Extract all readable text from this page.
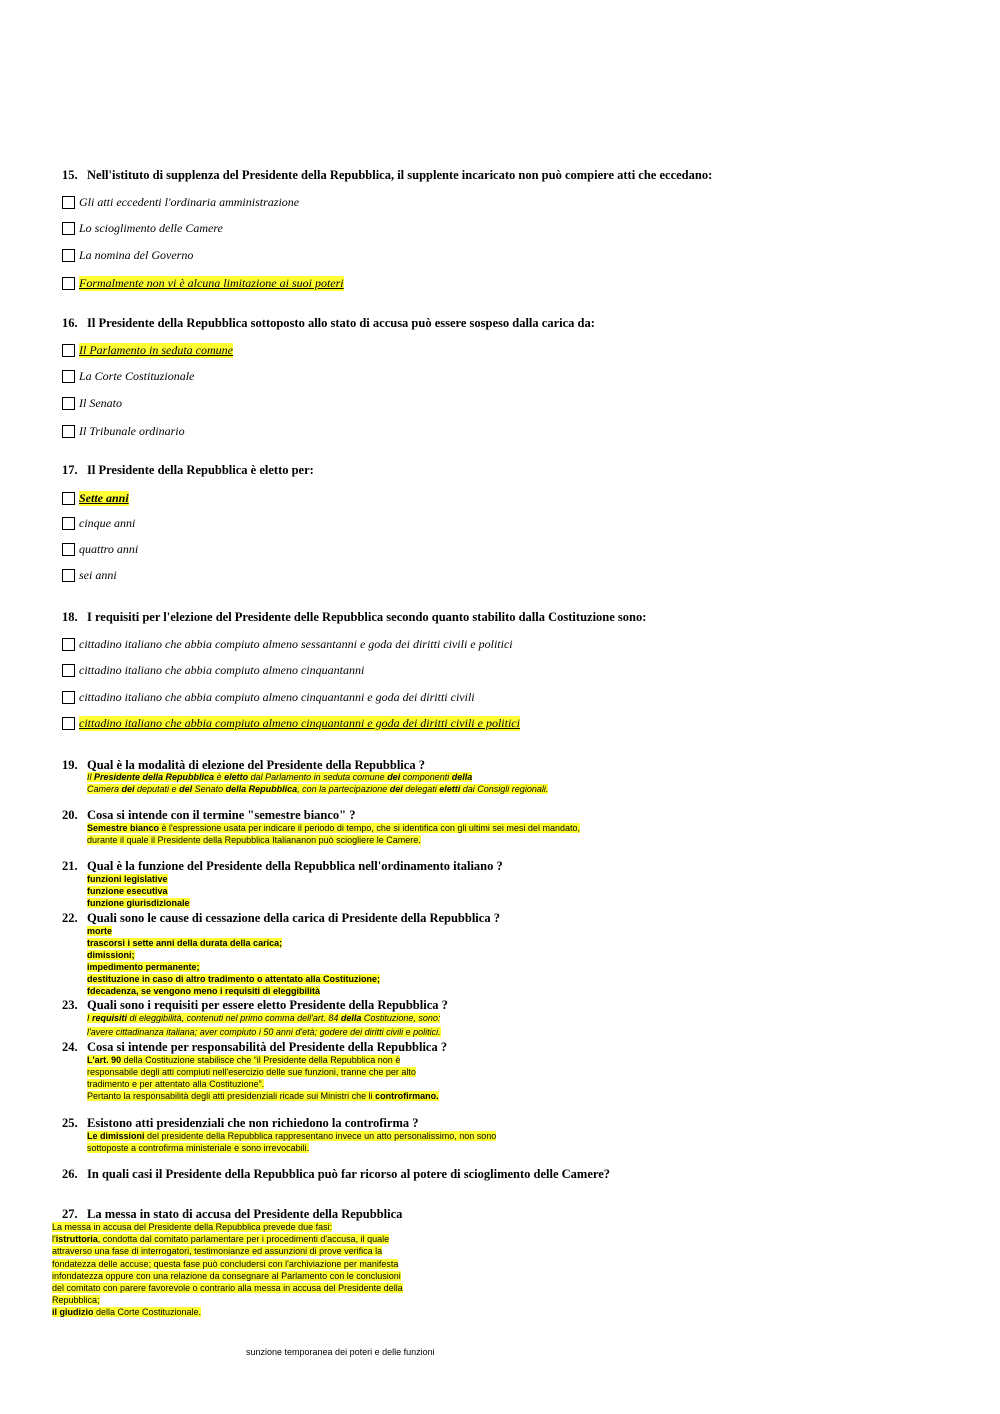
15. Nell'istituto di supplenza del Presidente della Repubblica, il supplente incaricato non può compiere atti che eccedano:
Gli atti eccedenti l'ordinaria amministrazione
Lo scioglimento delle Camere
La nomina del Governo
Formalmente non vi è alcuna limitazione ai suoi poteri
16. Il Presidente della Repubblica sottoposto allo stato di accusa può essere sospeso dalla carica da:
Il Parlamento in seduta comune
La Corte Costituzionale
Il Senato
Il Tribunale ordinario
17. Il Presidente della Repubblica è eletto per:
Sette anni
cinque anni
quattro anni
sei anni
18. I requisiti per l'elezione del Presidente delle Repubblica secondo quanto stabilito dalla Costituzione sono:
cittadino italiano che abbia compiuto almeno sessantanni e goda dei diritti civili e politici
cittadino italiano che abbia compiuto almeno cinquantanni
cittadino italiano che abbia compiuto almeno cinquantanni e goda dei diritti civili
cittadino italiano che abbia compiuto almeno cinquantanni e goda dei diritti civili e politici
19. Qual è la modalità di elezione del Presidente della Repubblica ?
Il Presidente della Repubblica è eletto dal Parlamento in seduta comune dei componenti della
Camera dei deputati e del Senato della Repubblica, con la partecipazione dei delegati eletti dai Consigli regionali.
20. Cosa si intende con il termine "semestre bianco" ?
Semestre bianco è l'espressione usata per indicare il periodo di tempo, che si identifica con gli ultimi sei mesi del mandato,
durante il quale il Presidente della Repubblica Italiananon può sciogliere le Camere.
21. Qual è la funzione del Presidente della Repubblica nell'ordinamento italiano ?
funzioni legislative
funzione esecutiva
funzione giurisdizionale
22. Quali sono le cause di cessazione della carica di Presidente della Repubblica ?
morte
trascorsi i sette anni della durata della carica;
dimissioni;
impedimento permanente;
destituzione in caso di altro tradimento o attentato alla Costituzione;
fdecadenza, se vengono meno i requisiti di eleggibilità
23. Quali sono i requisiti per essere eletto Presidente della Repubblica ?
I requisiti di eleggibilità, contenuti nel primo comma dell'art. 84 della Costituzione, sono:
l'avere cittadinanza italiana; aver compiuto i 50 anni d'età; godere dei diritti civili e politici.
24. Cosa si intende per responsabilità del Presidente della Repubblica ?
L'art. 90 della Costituzione stabilisce che “il Presidente della Repubblica non è
responsabile degli atti compiuti nell'esercizio delle sue funzioni, tranne che per alto
tradimento e per attentato alla Costituzione”.
Pertanto la responsabilità degli atti presidenziali ricade sui Ministri che li controfirmano.
25. Esistono atti presidenziali che non richiedono la controfirma ?
Le dimissioni del presidente della Repubblica rappresentano invece un atto personalissimo, non sono
sottoposte a controfirma ministeriale e sono irrevocabili.
26. In quali casi il Presidente della Repubblica può far ricorso al potere di scioglimento delle Camere?
27. La messa in stato di accusa del Presidente della Repubblica
La messa in accusa del Presidente della Repubblica prevede due fasi:
l'istruttoria, condotta dal comitato parlamentare per i procedimenti d'accusa, il quale
attraverso una fase di interrogatori, testimonianze ed assunzioni di prove verifica la
fondatezza delle accuse; questa fase può concludersi con l'archiviazione per manifesta
infondatezza oppure con una relazione da consegnare al Parlamento con le conclusioni
del comitato con parere favorevole o contrario alla messa in accusa del Presidente della
Repubblica;
il giudizio della Corte Costituzionale.
sunzione temporanea dei poteri e delle funzioni
